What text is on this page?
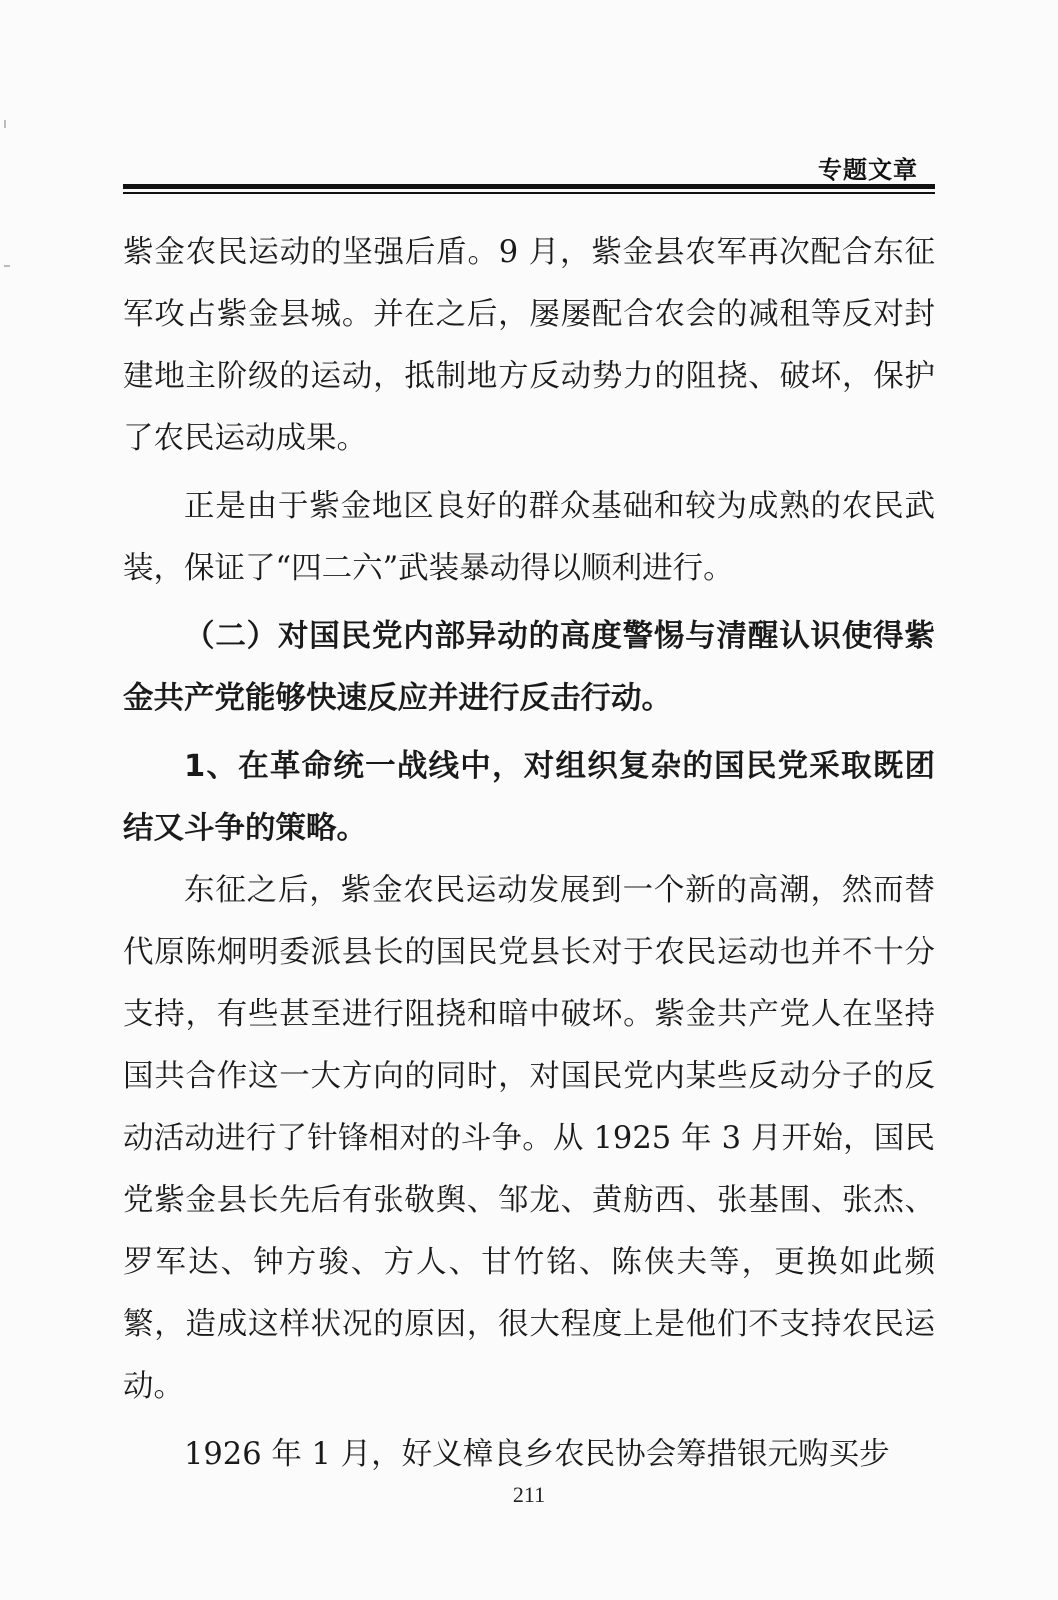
专题文章

紫金农民运动的坚强后盾。9 月，紫金县农军再次配合东征军攻占紫金县城。并在之后，屡屡配合农会的减租等反对封建地主阶级的运动，抵制地方反动势力的阻挠、破坏，保护了农民运动成果。

正是由于紫金地区良好的群众基础和较为成熟的农民武装，保证了“四二六”武装暴动得以顺利进行。

（二）对国民党内部异动的高度警惕与清醒认识使得紫金共产党能够快速反应并进行反击行动。

1、在革命统一战线中，对组织复杂的国民党采取既团结又斗争的策略。

东征之后，紫金农民运动发展到一个新的高潮，然而替代原陈炯明委派县长的国民党县长对于农民运动也并不十分支持，有些甚至进行阻挠和暗中破坏。紫金共产党人在坚持国共合作这一大方向的同时，对国民党内某些反动分子的反动活动进行了针锋相对的斗争。从 1925 年 3 月开始，国民党紫金县长先后有张敬舆、邹龙、黄舫西、张基围、张杰、罗军达、钟方骏、方人、甘竹铭、陈侠夫等，更换如此频繁，造成这样状况的原因，很大程度上是他们不支持农民运动。

1926 年 1 月，好义樟良乡农民协会筹措银元购买步

211
